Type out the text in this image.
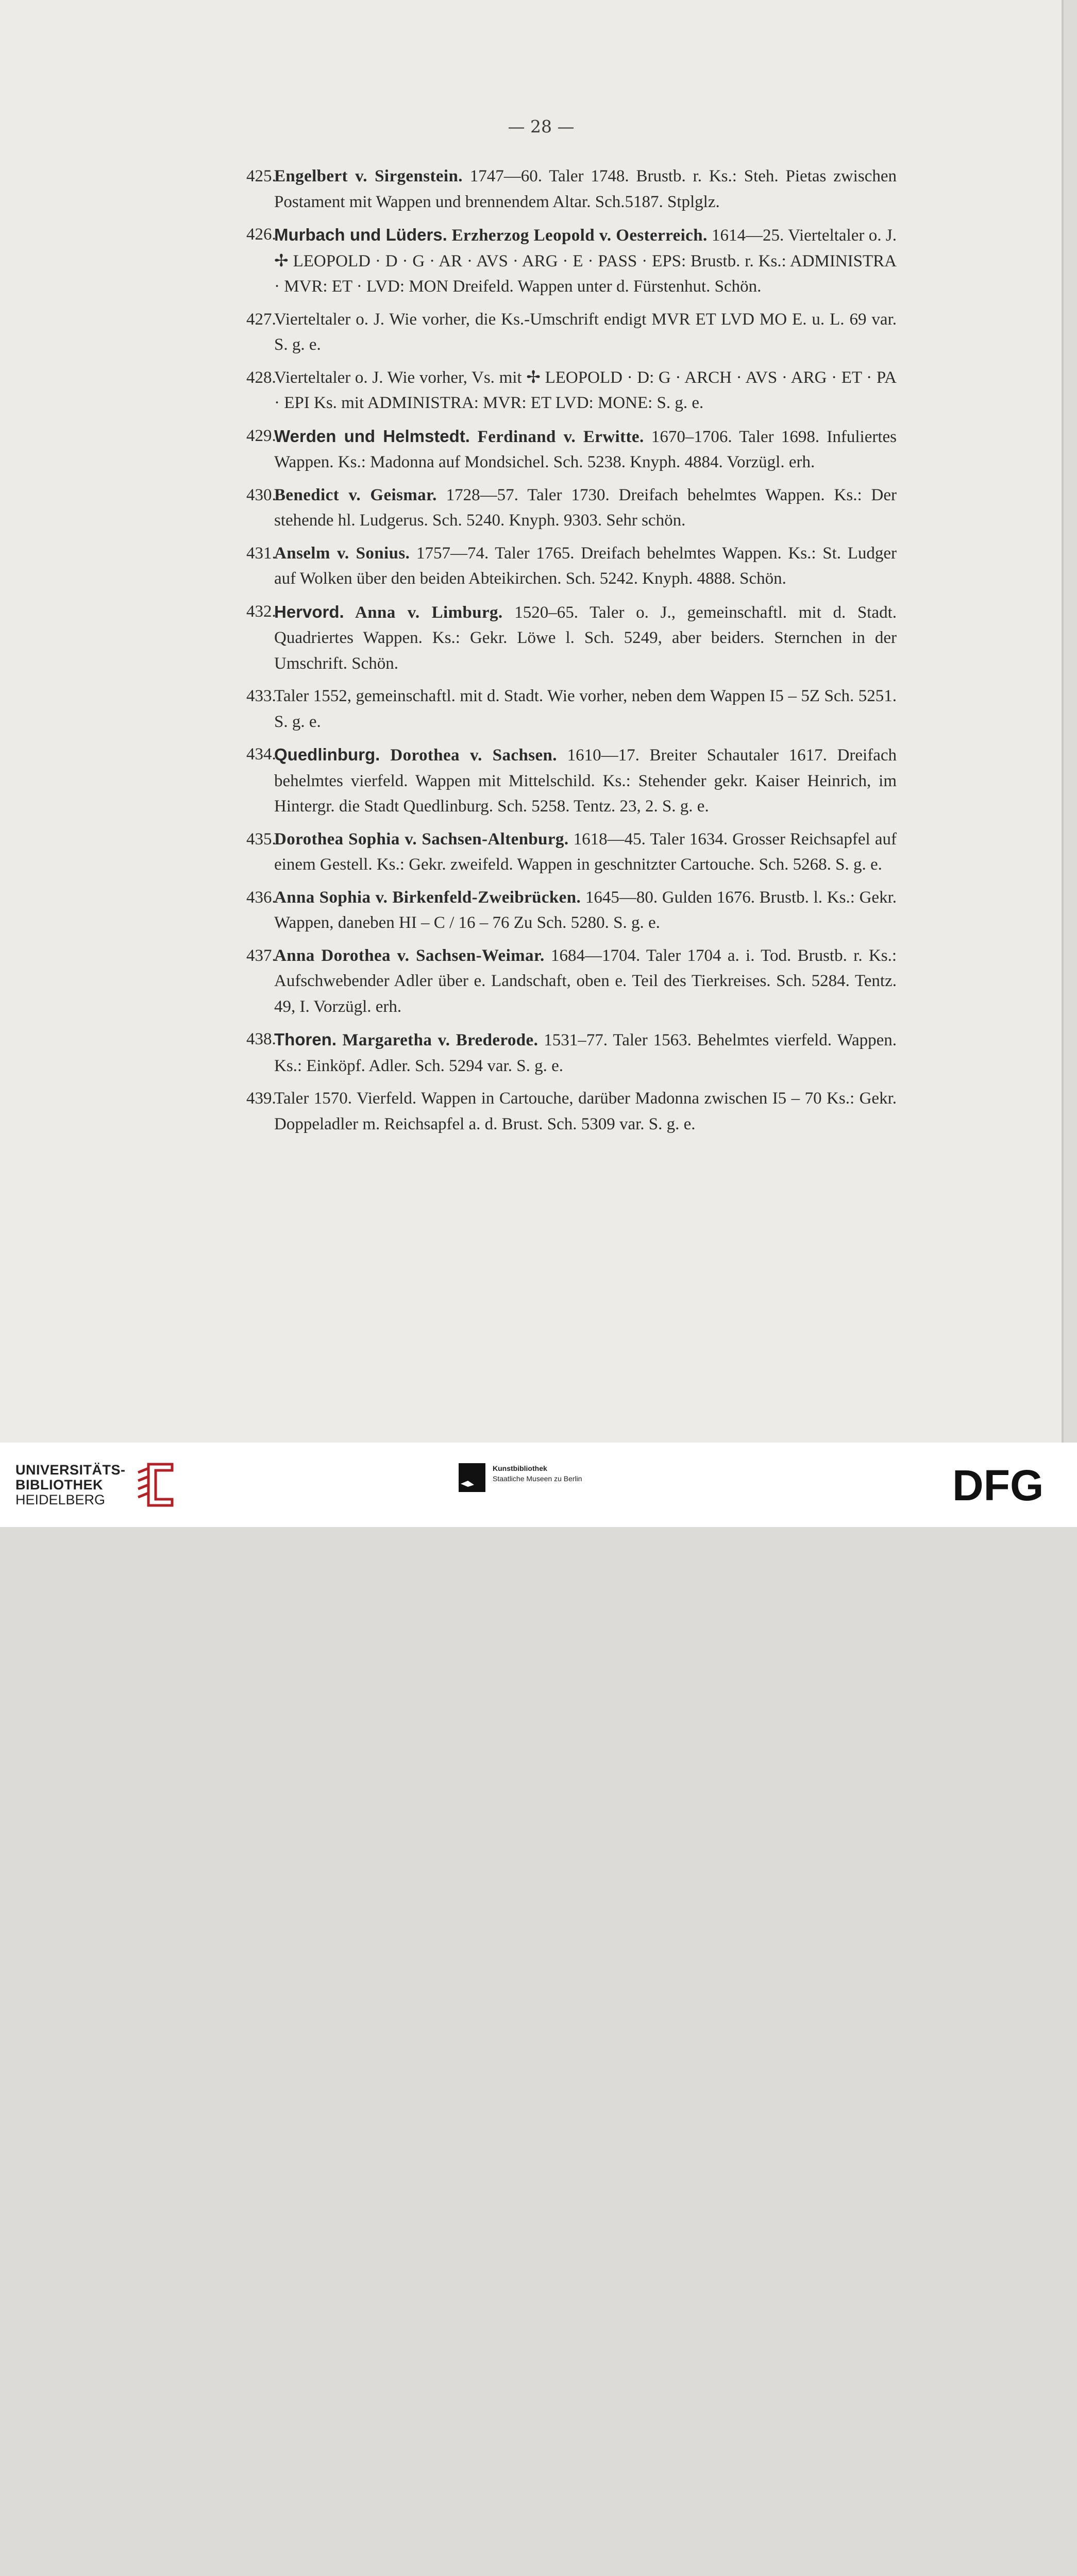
— 28 —
425.
Engelbert v. Sirgenstein. 1747—60. Taler 1748. Brustb. r. Ks.: Steh. Pietas zwischen Postament mit Wappen und brennendem Altar. Sch.5187. Stplglz.
426.
Murbach und Lüders. Erzherzog Leopold v. Oesterreich. 1614—25. Vierteltaler o. J. ✢ LEOPOLD · D · G · AR · AVS · ARG · E · PASS · EPS: Brustb. r. Ks.: ADMINISTRA · MVR: ET · LVD: MON Dreifeld. Wappen unter d. Fürstenhut. Schön.
427.
Vierteltaler o. J. Wie vorher, die Ks.-Umschrift endigt MVR ET LVD MO E. u. L. 69 var. S. g. e.
428.
Vierteltaler o. J. Wie vorher, Vs. mit ✢ LEOPOLD · D: G · ARCH · AVS · ARG · ET · PA · EPI Ks. mit ADMINISTRA: MVR: ET LVD: MONE: S. g. e.
429.
Werden und Helmstedt. Ferdinand v. Erwitte. 1670–1706. Taler 1698. Infuliertes Wappen. Ks.: Madonna auf Mondsichel. Sch. 5238. Knyph. 4884. Vorzügl. erh.
430.
Benedict v. Geismar. 1728—57. Taler 1730. Dreifach behelmtes Wappen. Ks.: Der stehende hl. Ludgerus. Sch. 5240. Knyph. 9303. Sehr schön.
431.
Anselm v. Sonius. 1757—74. Taler 1765. Dreifach behelmtes Wappen. Ks.: St. Ludger auf Wolken über den beiden Abteikirchen. Sch. 5242. Knyph. 4888. Schön.
432.
Hervord. Anna v. Limburg. 1520–65. Taler o. J., gemeinschaftl. mit d. Stadt. Quadriertes Wappen. Ks.: Gekr. Löwe l. Sch. 5249, aber beiders. Sternchen in der Umschrift. Schön.
433.
Taler 1552, gemeinschaftl. mit d. Stadt. Wie vorher, neben dem Wappen I5 – 5Z Sch. 5251. S. g. e.
434.
Quedlinburg. Dorothea v. Sachsen. 1610—17. Breiter Schautaler 1617. Dreifach behelmtes vierfeld. Wappen mit Mittelschild. Ks.: Stehender gekr. Kaiser Heinrich, im Hintergr. die Stadt Quedlinburg. Sch. 5258. Tentz. 23, 2. S. g. e.
435.
Dorothea Sophia v. Sachsen-Altenburg. 1618—45. Taler 1634. Grosser Reichsapfel auf einem Gestell. Ks.: Gekr. zweifeld. Wappen in geschnitzter Cartouche. Sch. 5268. S. g. e.
436.
Anna Sophia v. Birkenfeld-Zweibrücken. 1645—80. Gulden 1676. Brustb. l. Ks.: Gekr. Wappen, daneben HI – C / 16 – 76 Zu Sch. 5280. S. g. e.
437.
Anna Dorothea v. Sachsen-Weimar. 1684—1704. Taler 1704 a. i. Tod. Brustb. r. Ks.: Aufschwebender Adler über e. Landschaft, oben e. Teil des Tierkreises. Sch. 5284. Tentz. 49, I. Vorzügl. erh.
438.
Thoren. Margaretha v. Brederode. 1531–77. Taler 1563. Behelmtes vierfeld. Wappen. Ks.: Einköpf. Adler. Sch. 5294 var. S. g. e.
439.
Taler 1570. Vierfeld. Wappen in Cartouche, darüber Madonna zwischen I5 – 70 Ks.: Gekr. Doppeladler m. Reichsapfel a. d. Brust. Sch. 5309 var. S. g. e.
UNIVERSITÄTS-
BIBLIOTHEK
HEIDELBERG
Kunstbibliothek
Staatliche Museen zu Berlin	DFG
